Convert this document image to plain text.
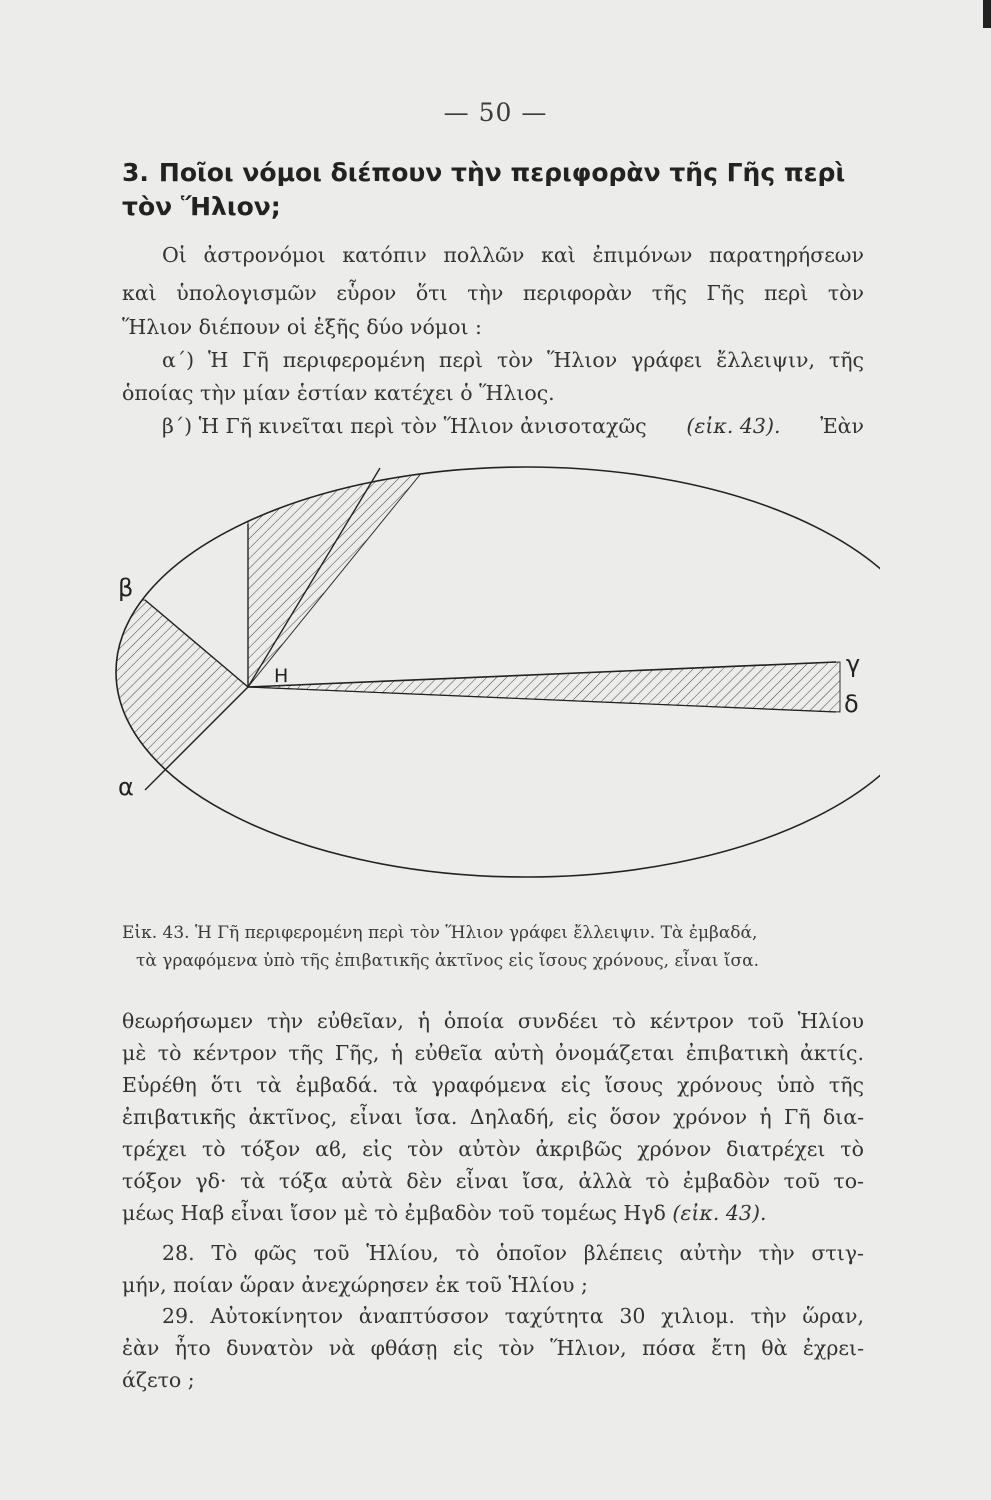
— 50 —
3. Ποῖοι νόμοι διέπουν τὴν περιφορὰν τῆς Γῆς περὶ
τὸν Ἥλιον;
Οἱ ἀστρονόμοι κατόπιν πολλῶν καὶ ἐπιμόνων παρατηρήσεων
καὶ ὑπολογισμῶν εὗρον ὅτι τὴν περιφορὰν τῆς Γῆς περὶ τὸν
Ἥλιον διέπουν οἱ ἑξῆς δύο νόμοι :
α΄) Ἡ Γῆ περιφερομένη περὶ τὸν Ἥλιον γράφει ἔλλειψιν, τῆς
ὁποίας τὴν μίαν ἑστίαν κατέχει ὁ Ἥλιος.
β΄) Ἡ Γῆ κινεῖται περὶ τὸν Ἥλιον ἀνισοταχῶς (εἰκ. 43). Ἐὰν
β
α
Η	γ
δ
Εἰκ. 43. Ἡ Γῆ περιφερομένη περὶ τὸν Ἥλιον γράφει ἔλλειψιν. Τὰ ἐμβαδά,
τὰ γραφόμενα ὑπὸ τῆς ἐπιβατικῆς ἀκτῖνος εἰς ἴσους χρόνους, εἶναι ἴσα.
θεωρήσωμεν τὴν εὐθεῖαν, ἡ ὁποία συνδέει τὸ κέντρον τοῦ Ἡλίου
μὲ τὸ κέντρον τῆς Γῆς, ἡ εὐθεῖα αὐτὴ ὀνομάζεται ἐπιβατικὴ ἀκτίς.
Εὑρέθη ὅτι τὰ ἐμβαδά. τὰ γραφόμενα εἰς ἴσους χρόνους ὑπὸ τῆς
ἐπιβατικῆς ἀκτῖνος, εἶναι ἴσα. Δηλαδή, εἰς ὅσον χρόνον ἡ Γῆ δια-
τρέχει τὸ τόξον αϐ, εἰς τὸν αὐτὸν ἀκριβῶς χρόνον διατρέχει τὸ
τόξον γδ· τὰ τόξα αὐτὰ δὲν εἶναι ἴσα, ἀλλὰ τὸ ἐμβαδὸν τοῦ το-
μέως Ηαβ εἶναι ἴσον μὲ τὸ ἐμβαδὸν τοῦ τομέως Ηγδ (εἰκ. 43).
28. Τὸ φῶς τοῦ Ἡλίου, τὸ ὁποῖον βλέπεις αὐτὴν τὴν στιγ-
μήν, ποίαν ὥραν ἀνεχώρησεν ἐκ τοῦ Ἡλίου ;
29. Αὐτοκίνητον ἀναπτύσσον ταχύτητα 30 χιλιομ. τὴν ὥραν,
ἐὰν ἦτο δυνατὸν νὰ φθάσῃ εἰς τὸν Ἥλιον, πόσα ἔτη θὰ ἐχρει-
άζετο ;
